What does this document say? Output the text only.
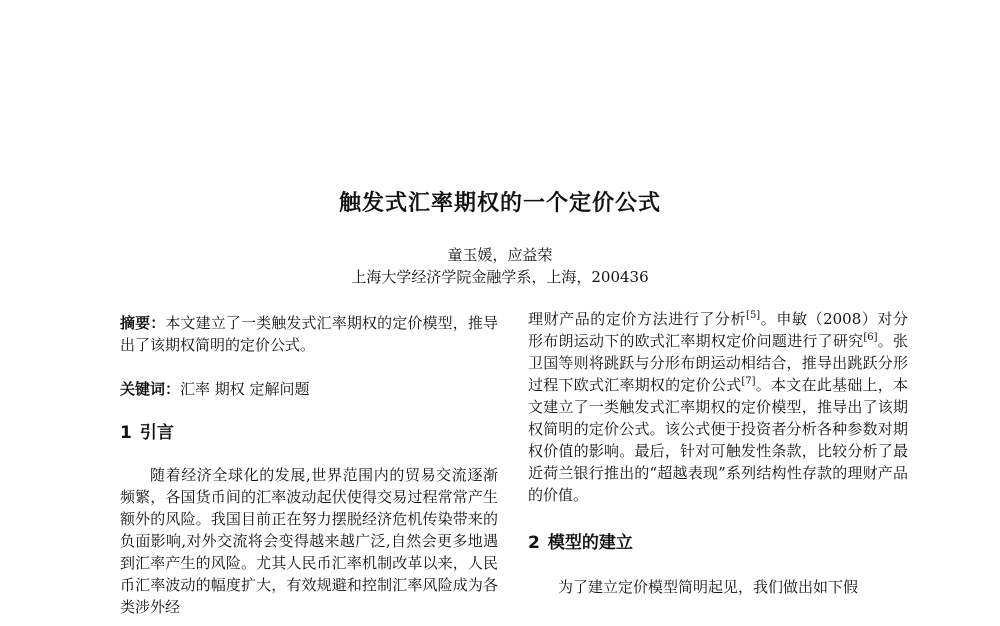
触发式汇率期权的一个定价公式
童玉媛，应益荣
上海大学经济学院金融学系，上海，200436

摘要：本文建立了一类触发式汇率期权的定价模型，推导出了该期权简明的定价公式。

关键词：汇率 期权 定解问题

1 引言

随着经济全球化的发展,世界范围内的贸易交流逐渐频繁，各国货币间的汇率波动起伏使得交易过程常常产生额外的风险。我国目前正在努力摆脱经济危机传染带来的负面影响,对外交流将会变得越来越广泛,自然会更多地遇到汇率产生的风险。尤其人民币汇率机制改革以来，人民币汇率波动的幅度扩大，有效规避和控制汇率风险成为各类涉外经

理财产品的定价方法进行了分析[5]。申敏（2008）对分形布朗运动下的欧式汇率期权定价问题进行了研究[6]。张卫国等则将跳跃与分形布朗运动相结合，推导出跳跃分形过程下欧式汇率期权的定价公式[7]。本文在此基础上，本文建立了一类触发式汇率期权的定价模型，推导出了该期权简明的定价公式。该公式便于投资者分析各种参数对期权价值的影响。最后，针对可触发性条款，比较分析了最近荷兰银行推出的“超越表现”系列结构性存款的理财产品的价值。

2 模型的建立

为了建立定价模型简明起见，我们做出如下假
